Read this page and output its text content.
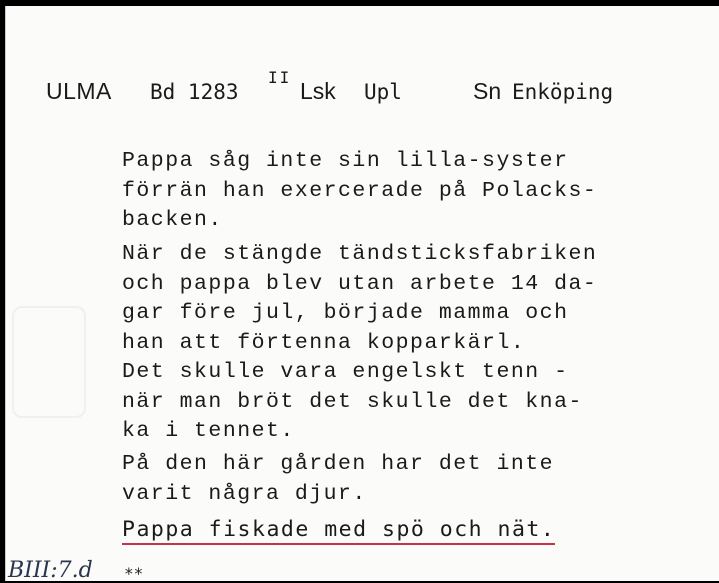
ULMA Bd 1283
II
Lsk Upl	Sn Enköping
Pappa såg inte sin lilla-syster
förrän han exercerade på Polacks-
backen.
När de stängde tändsticksfabriken
och pappa blev utan arbete 14 da-
gar före jul, började mamma och
han att förtenna kopparkärl.
Det skulle vara engelskt tenn -
när man bröt det skulle det kna-
ka i tennet.
På den här gården har det inte
varit några djur.
Pappa fiskade med spö och nät.
BIII:7.d **
